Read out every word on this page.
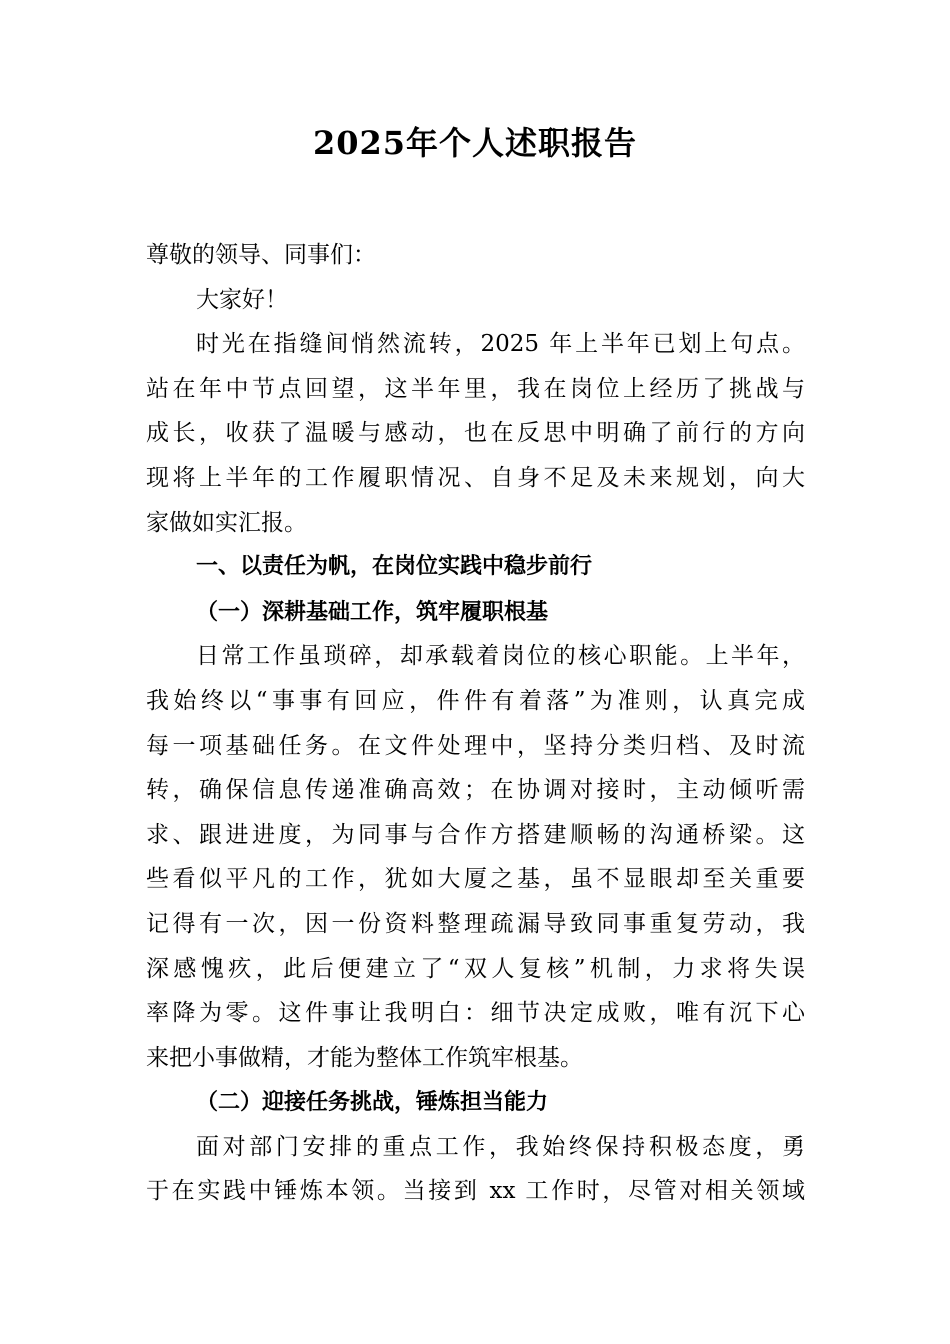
2025年个人述职报告
尊敬的领导、同事们：
大家好！
时光在指缝间悄然流转，2025 年上半年已划上句点。
站在年中节点回望，这半年里，我在岗位上经历了挑战与
成长，收获了温暖与感动，也在反思中明确了前行的方向
现将上半年的工作履职情况、自身不足及未来规划，向大
家做如实汇报。
一、以责任为帆，在岗位实践中稳步前行
（一）深耕基础工作，筑牢履职根基
日常工作虽琐碎，却承载着岗位的核心职能。上半年，
我始终以“事事有回应，件件有着落”为准则，认真完成
每一项基础任务。在文件处理中，坚持分类归档、及时流
转，确保信息传递准确高效；在协调对接时，主动倾听需
求、跟进进度，为同事与合作方搭建顺畅的沟通桥梁。这
些看似平凡的工作，犹如大厦之基，虽不显眼却至关重要
记得有一次，因一份资料整理疏漏导致同事重复劳动，我
深感愧疚，此后便建立了“双人复核”机制，力求将失误
率降为零。这件事让我明白：细节决定成败，唯有沉下心
来把小事做精，才能为整体工作筑牢根基。
（二）迎接任务挑战，锤炼担当能力
面对部门安排的重点工作，我始终保持积极态度，勇
于在实践中锤炼本领。当接到 xx 工作时，尽管对相关领域
